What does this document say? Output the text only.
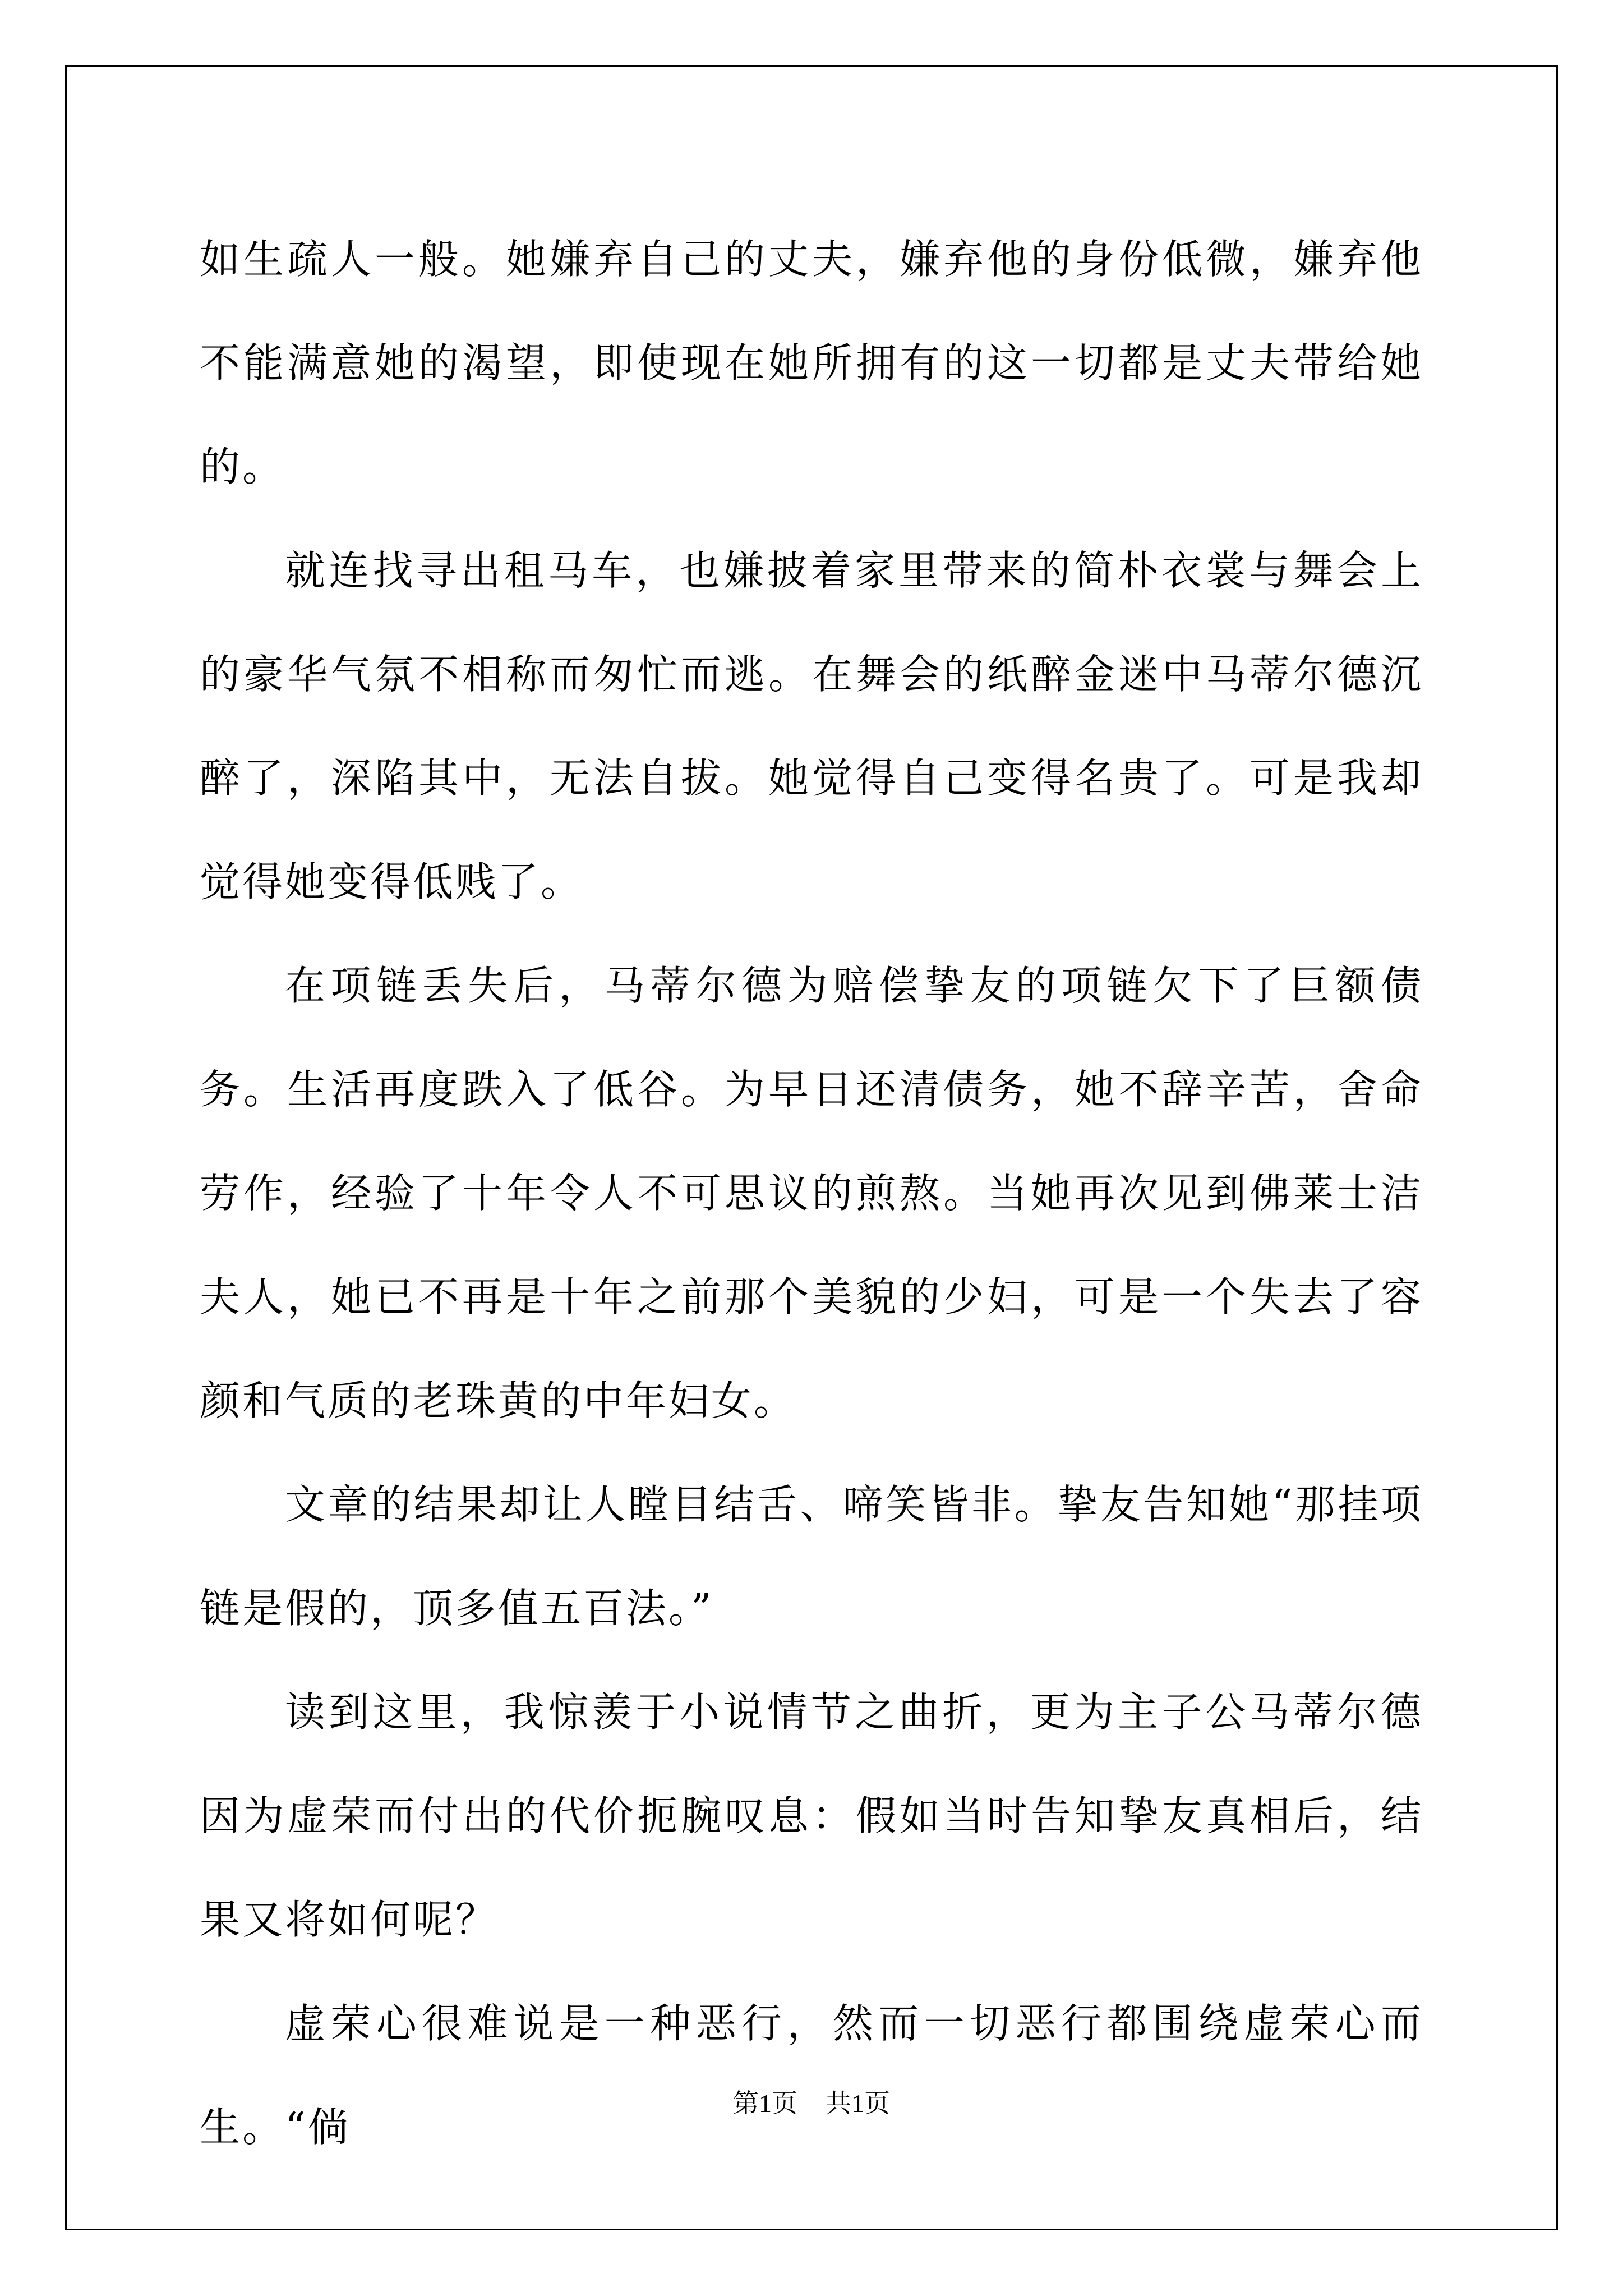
如生疏人一般。她嫌弃自己的丈夫，嫌弃他的身份低微，嫌弃他不能满意她的渴望，即使现在她所拥有的这一切都是丈夫带给她的。

就连找寻出租马车，也嫌披着家里带来的简朴衣裳与舞会上的豪华气氛不相称而匆忙而逃。在舞会的纸醉金迷中马蒂尔德沉醉了，深陷其中，无法自拔。她觉得自己变得名贵了。可是我却觉得她变得低贱了。

在项链丢失后，马蒂尔德为赔偿挚友的项链欠下了巨额债务。生活再度跌入了低谷。为早日还清债务，她不辞辛苦，舍命劳作，经验了十年令人不可思议的煎熬。当她再次见到佛莱士洁夫人，她已不再是十年之前那个美貌的少妇，可是一个失去了容颜和气质的老珠黄的中年妇女。

文章的结果却让人瞠目结舌、啼笑皆非。挚友告知她“那挂项链是假的，顶多值五百法。”

读到这里，我惊羡于小说情节之曲折，更为主子公马蒂尔德因为虚荣而付出的代价扼腕叹息：假如当时告知挚友真相后，结果又将如何呢？

虚荣心很难说是一种恶行，然而一切恶行都围绕虚荣心而生。“倘

第1页 共1页
